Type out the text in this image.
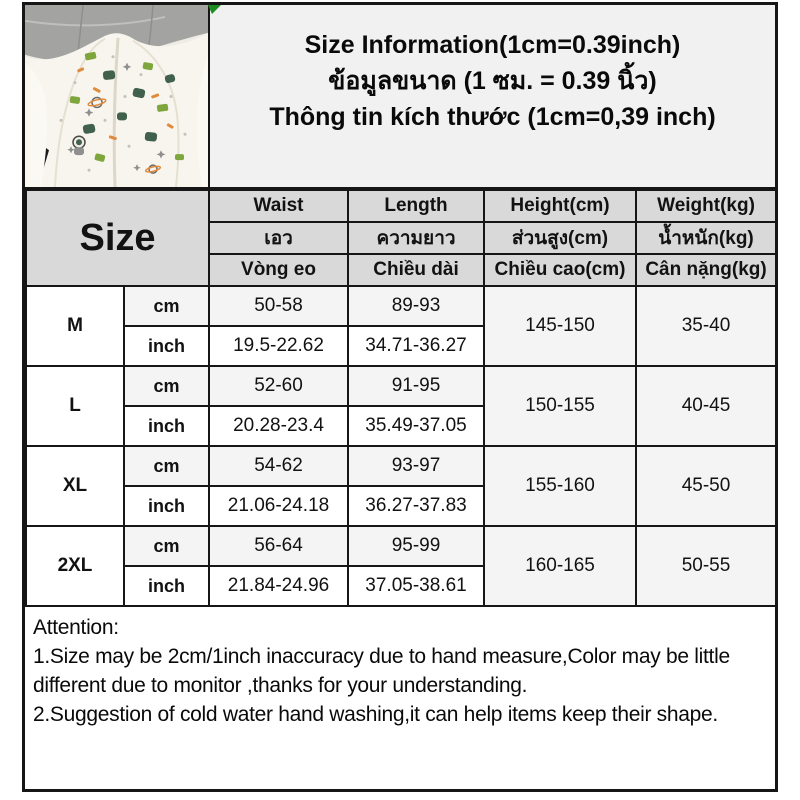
Size Information(1cm=0.39inch)
ข้อมูลขนาด (1 ซม. = 0.39 นิ้ว)
Thông tin kích thước (1cm=0,39 inch)
Size		Waist	Length	Height(cm)	Weight(kg)
		เอว	ความยาว	ส่วนสูง(cm)	น้ำหนัก(kg)
		Vòng eo	Chiều dài	Chiều cao(cm)	Cân nặng(kg)
M	cm	50-58	89-93	145-150	35-40
	inch	19.5-22.62	34.71-36.27		
L	cm	52-60	91-95	150-155	40-45
	inch	20.28-23.4	35.49-37.05		
XL	cm	54-62	93-97	155-160	45-50
	inch	21.06-24.18	36.27-37.83		
2XL	cm	56-64	95-99	160-165	50-55
	inch	21.84-24.96	37.05-38.61		
Attention:
1.Size may be 2cm/1inch inaccuracy due to hand measure,Color may be little different due to monitor ,thanks for your understanding.
2.Suggestion of cold water hand washing,it can help items keep their shape.
